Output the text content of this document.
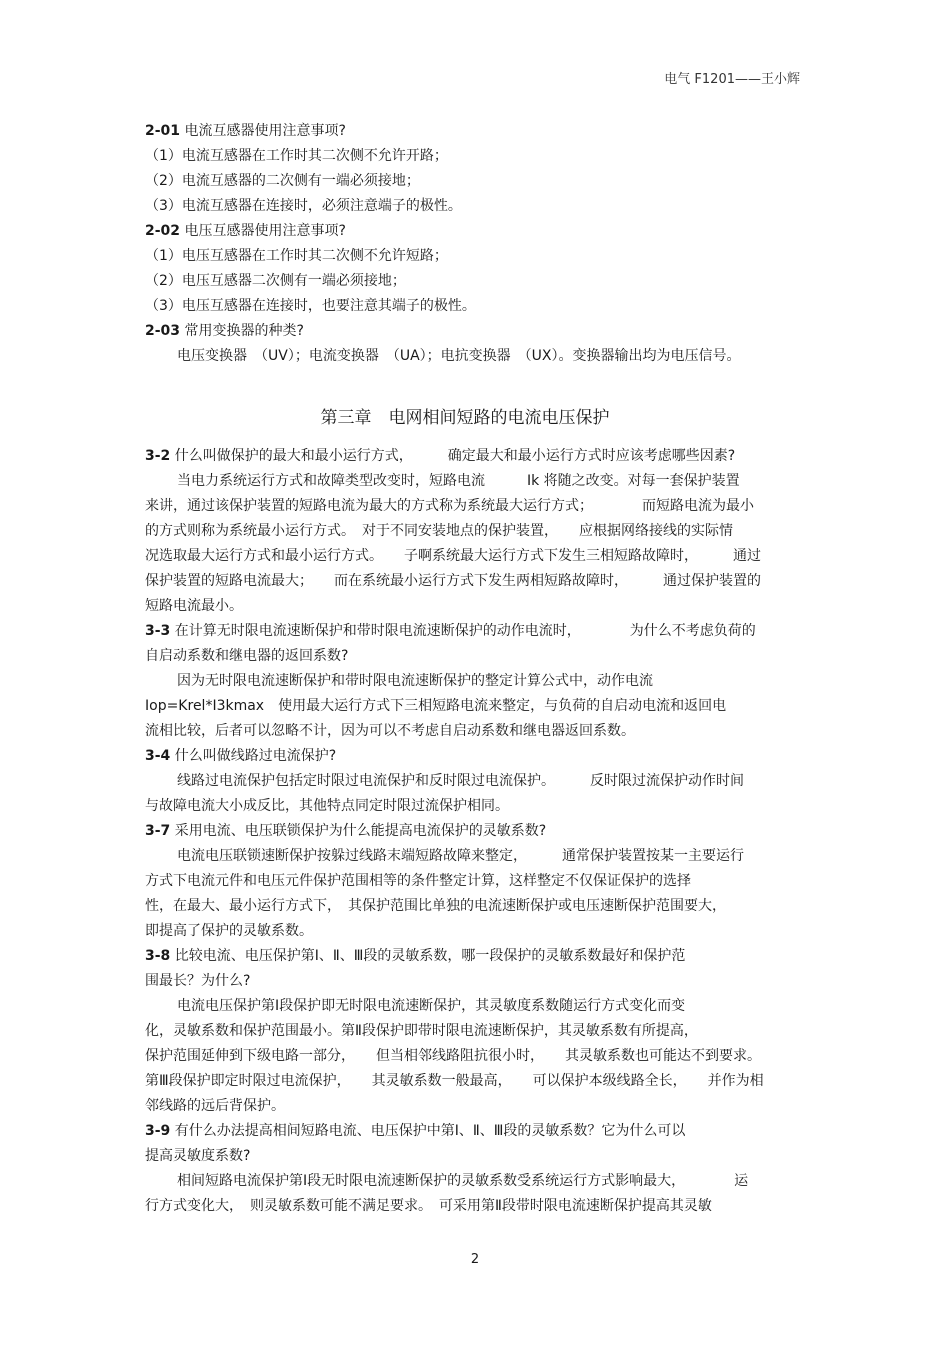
电气 F1201——王小辉
2-01 电流互感器使用注意事项?
（1）电流互感器在工作时其二次侧不允许开路；
（2）电流互感器的二次侧有一端必须接地；
（3）电流互感器在连接时，必须注意端子的极性。
2-02 电压互感器使用注意事项?
（1）电压互感器在工作时其二次侧不允许短路；
（2）电压互感器二次侧有一端必须接地；
（3）电压互感器在连接时，也要注意其端子的极性。
2-03 常用变换器的种类?
电压变换器　（UV）；电流变换器　（UA）；电抗变换器　（UX）。变换器输出均为电压信号。
第三章　电网相间短路的电流电压保护
3-2 什么叫做保护的最大和最小运行方式，　　　确定最大和最小运行方式时应该考虑哪些因素?
当电力系统运行方式和故障类型改变时，短路电流　　　Ik 将随之改变。对每一套保护装置
来讲，通过该保护装置的短路电流为最大的方式称为系统最大运行方式；　　　　而短路电流为最小
的方式则称为系统最小运行方式。　对于不同安装地点的保护装置，　　应根据网络接线的实际情
况选取最大运行方式和最小运行方式。　　子啊系统最大运行方式下发生三相短路故障时，　　　通过
保护装置的短路电流最大；　　而在系统最小运行方式下发生两相短路故障时，　　　通过保护装置的
短路电流最小。
3-3 在计算无时限电流速断保护和带时限电流速断保护的动作电流时，　　　　为什么不考虑负荷的
自启动系数和继电器的返回系数?
因为无时限电流速断保护和带时限电流速断保护的整定计算公式中，动作电流
Iop=Krel*I3kmax　使用最大运行方式下三相短路电流来整定，与负荷的自启动电流和返回电
流相比较，后者可以忽略不计，因为可以不考虑自启动系数和继电器返回系数。
3-4 什么叫做线路过电流保护?
线路过电流保护包括定时限过电流保护和反时限过电流保护。　　　反时限过流保护动作时间
与故障电流大小成反比，其他特点同定时限过流保护相同。
3-7 采用电流、电压联锁保护为什么能提高电流保护的灵敏系数?
电流电压联锁速断保护按躲过线路末端短路故障来整定，　　　通常保护装置按某一主要运行
方式下电流元件和电压元件保护范围相等的条件整定计算，这样整定不仅保证保护的选择
性，在最大、最小运行方式下，　其保护范围比单独的电流速断保护或电压速断保护范围要大，
即提高了保护的灵敏系数。
3-8 比较电流、电压保护第Ⅰ、Ⅱ、Ⅲ段的灵敏系数，哪一段保护的灵敏系数最好和保护范
围最长？为什么?
电流电压保护第Ⅰ段保护即无时限电流速断保护，其灵敏度系数随运行方式变化而变
化，灵敏系数和保护范围最小。第Ⅱ段保护即带时限电流速断保护，其灵敏系数有所提高，
保护范围延伸到下级电路一部分，　　但当相邻线路阻抗很小时，　　其灵敏系数也可能达不到要求。
第Ⅲ段保护即定时限过电流保护，　　其灵敏系数一般最高，　　可以保护本级线路全长，　　并作为相
邻线路的远后背保护。
3-9 有什么办法提高相间短路电流、电压保护中第Ⅰ、Ⅱ、Ⅲ段的灵敏系数？它为什么可以
提高灵敏度系数?
相间短路电流保护第Ⅰ段无时限电流速断保护的灵敏系数受系统运行方式影响最大，　　　　运
行方式变化大，　则灵敏系数可能不满足要求。　可采用第Ⅱ段带时限电流速断保护提高其灵敏
2
